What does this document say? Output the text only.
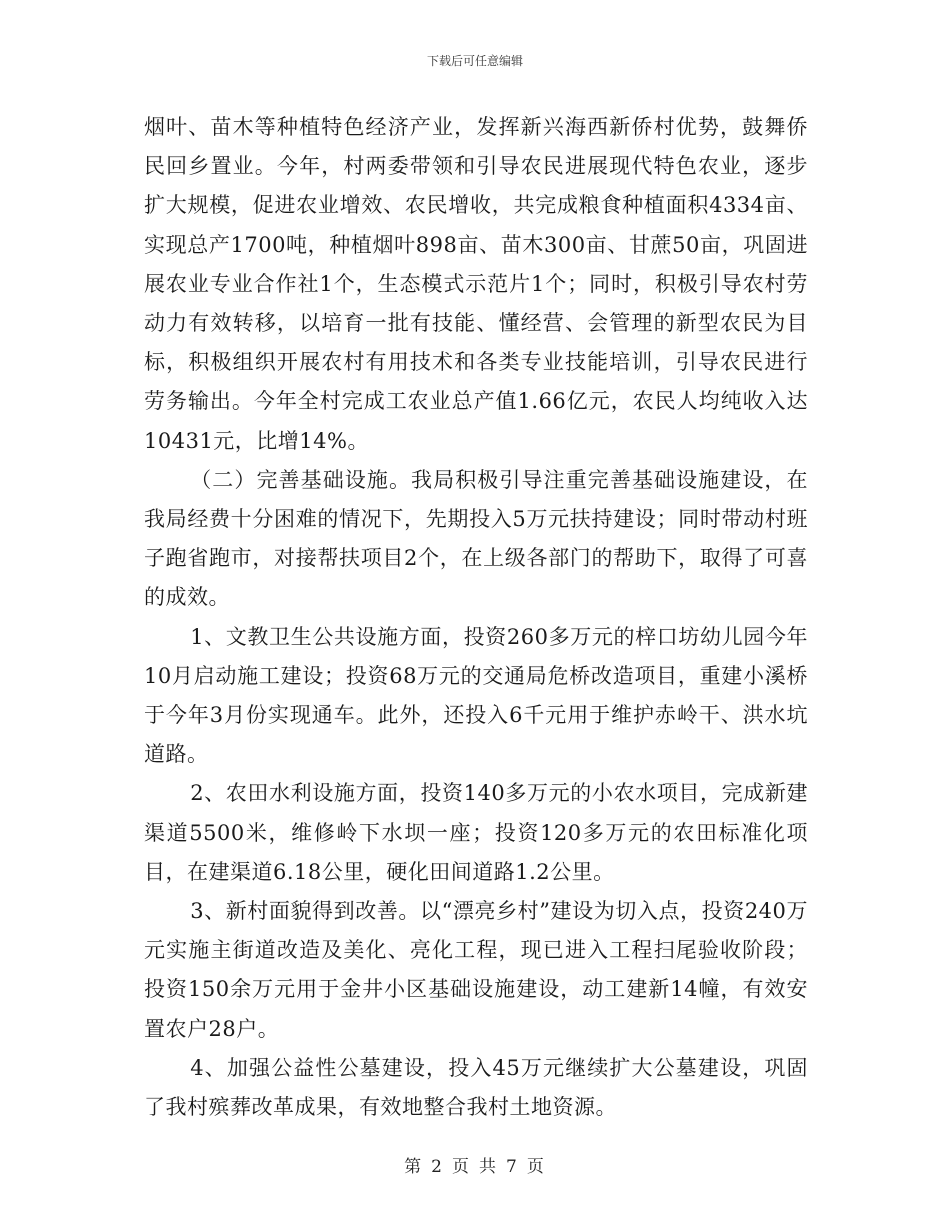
下载后可任意编辑

烟叶、苗木等种植特色经济产业，发挥新兴海西新侨村优势，鼓舞侨民回乡置业。今年，村两委带领和引导农民进展现代特色农业，逐步扩大规模，促进农业增效、农民增收，共完成粮食种植面积4334亩、实现总产1700吨，种植烟叶898亩、苗木300亩、甘蔗50亩，巩固进展农业专业合作社1个，生态模式示范片1个；同时，积极引导农村劳动力有效转移，以培育一批有技能、懂经营、会管理的新型农民为目标，积极组织开展农村有用技术和各类专业技能培训，引导农民进行劳务输出。今年全村完成工农业总产值1.66亿元，农民人均纯收入达10431元，比增14%。

（二）完善基础设施。我局积极引导注重完善基础设施建设，在我局经费十分困难的情况下，先期投入5万元扶持建设；同时带动村班子跑省跑市，对接帮扶项目2个，在上级各部门的帮助下，取得了可喜的成效。

1、文教卫生公共设施方面，投资260多万元的梓口坊幼儿园今年10月启动施工建设；投资68万元的交通局危桥改造项目，重建小溪桥于今年3月份实现通车。此外，还投入6千元用于维护赤岭干、洪水坑道路。

2、农田水利设施方面，投资140多万元的小农水项目，完成新建渠道5500米，维修岭下水坝一座；投资120多万元的农田标准化项目，在建渠道6.18公里，硬化田间道路1.2公里。

3、新村面貌得到改善。以“漂亮乡村”建设为切入点，投资240万元实施主街道改造及美化、亮化工程，现已进入工程扫尾验收阶段；投资150余万元用于金井小区基础设施建设，动工建新14幢，有效安置农户28户。

4、加强公益性公墓建设，投入45万元继续扩大公墓建设，巩固了我村殡葬改革成果，有效地整合我村土地资源。

第 2 页 共 7 页
